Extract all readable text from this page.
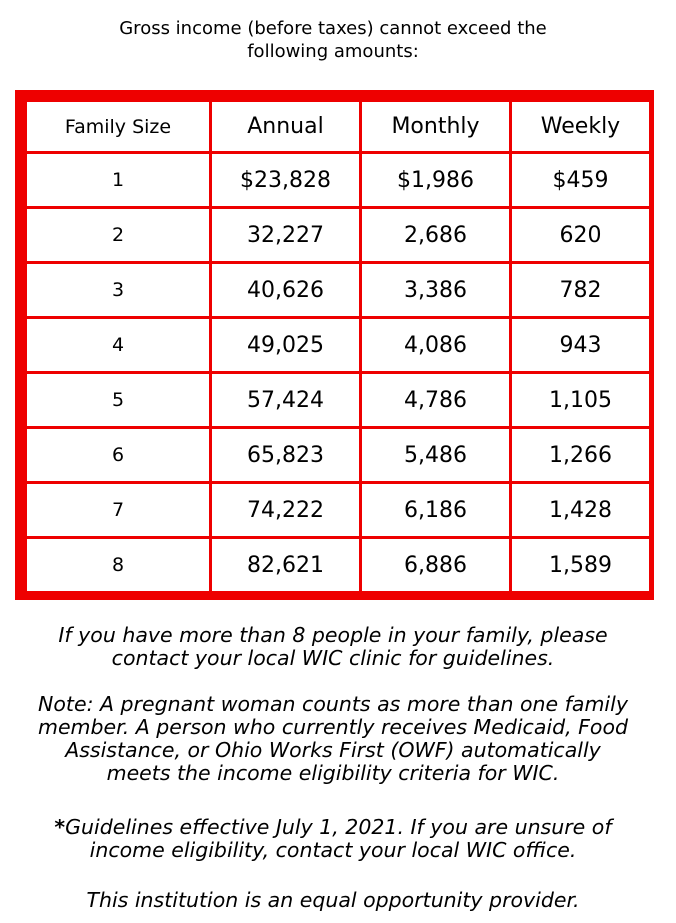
Gross income (before taxes) cannot exceed the
following amounts:
Family Size	Annual	Monthly	Weekly
1	$23,828	$1,986	$459
2	32,227	2,686	620
3	40,626	3,386	782
4	49,025	4,086	943
5	57,424	4,786	1,105
6	65,823	5,486	1,266
7	74,222	6,186	1,428
8	82,621	6,886	1,589
If you have more than 8 people in your family, please
contact your local WIC clinic for guidelines.
Note: A pregnant woman counts as more than one family
member. A person who currently receives Medicaid, Food
Assistance, or Ohio Works First (OWF) automatically
meets the income eligibility criteria for WIC.
*Guidelines effective July 1, 2021. If you are unsure of
income eligibility, contact your local WIC office.
This institution is an equal opportunity provider.
